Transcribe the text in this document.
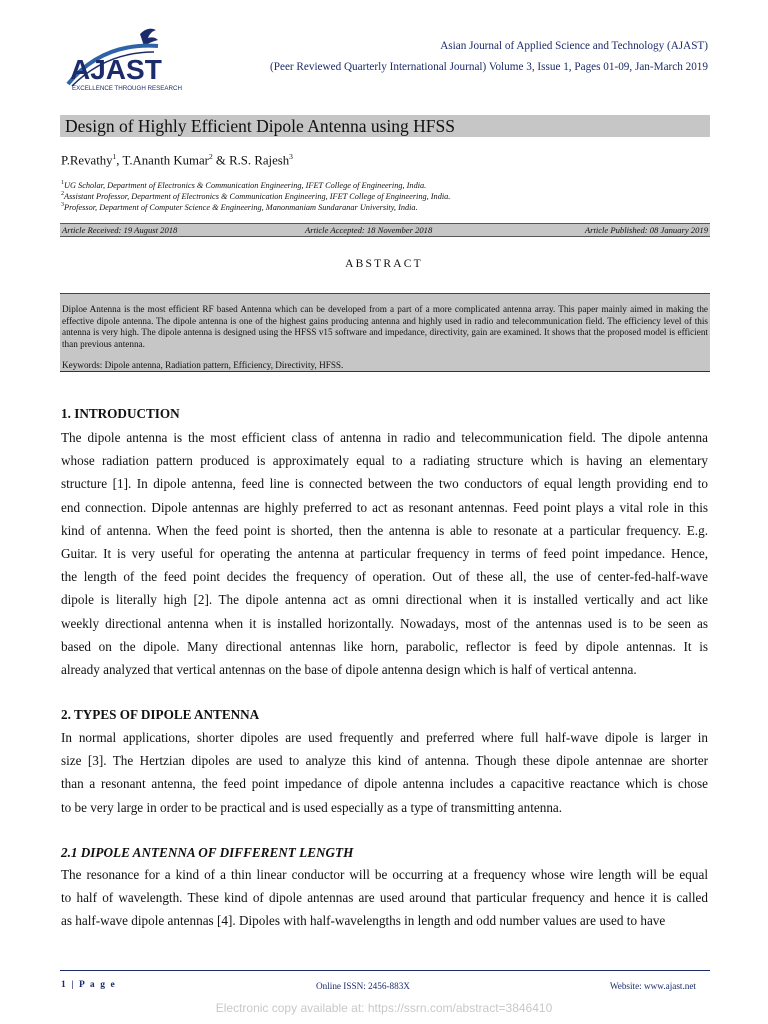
AJAST
EXCELLENCE THROUGH RESEARCH
Asian Journal of Applied Science and Technology (AJAST)
(Peer Reviewed Quarterly International Journal) Volume 3, Issue 1, Pages 01-09, Jan-March 2019
Design of Highly Efficient Dipole Antenna using HFSS
P.Revathy$^1$, T.Ananth Kumar$^2$ & R.S. Rajesh$^3$
$^1$UG Scholar, Department of Electronics & Communication Engineering, IFET College of Engineering, India.
$^2$Assistant Professor, Department of Electronics & Communication Engineering, IFET College of Engineering, India.
$^3$Professor, Department of Computer Science & Engineering, Manonmaniam Sundaranar University, India.
Article Received: 19 August 2018	Article Accepted: 18 November 2018	Article Published: 08 January 2019
ABSTRACT
Diploe Antenna is the most efficient RF based Antenna which can be developed from a part of a more complicated antenna array. This paper mainly aimed in making the effective dipole antenna. The dipole antenna is one of the highest gains producing antenna and highly used in radio and telecommunication field. The efficiency level of this antenna is very high. The dipole antenna is designed using the HFSS v15 software and impedance, directivity, gain are examined. It shows that the proposed model is efficient than previous antenna.
Keywords: Dipole antenna, Radiation pattern, Efficiency, Directivity, HFSS.
1. INTRODUCTION
The dipole antenna is the most efficient class of antenna in radio and telecommunication field. The dipole antenna
whose radiation pattern produced is approximately equal to a radiating structure which is having an elementary
structure [1]. In dipole antenna, feed line is connected between the two conductors of equal length providing end to
end connection. Dipole antennas are highly preferred to act as resonant antennas. Feed point plays a vital role in this
kind of antenna. When the feed point is shorted, then the antenna is able to resonate at a particular frequency. E.g.
Guitar. It is very useful for operating the antenna at particular frequency in terms of feed point impedance. Hence,
the length of the feed point decides the frequency of operation. Out of these all, the use of center-fed-half-wave
dipole is literally high [2]. The dipole antenna act as omni directional when it is installed vertically and act like
weekly directional antenna when it is installed horizontally. Nowadays, most of the antennas used is to be seen as
based on the dipole. Many directional antennas like horn, parabolic, reflector is feed by dipole antennas. It is
already analyzed that vertical antennas on the base of dipole antenna design which is half of vertical antenna.
2. TYPES OF DIPOLE ANTENNA
In normal applications, shorter dipoles are used frequently and preferred where full half-wave dipole is larger in
size [3]. The Hertzian dipoles are used to analyze this kind of antenna. Though these dipole antennae are shorter
than a resonant antenna, the feed point impedance of dipole antenna includes a capacitive reactance which is chose
to be very large in order to be practical and is used especially as a type of transmitting antenna.
2.1 DIPOLE ANTENNA OF DIFFERENT LENGTH
The resonance for a kind of a thin linear conductor will be occurring at a frequency whose wire length will be equal
to half of wavelength. These kind of dipole antennas are used around that particular frequency and hence it is called
as half-wave dipole antennas [4]. Dipoles with half-wavelengths in length and odd number values are used to have
1 | P a g e	Online ISSN: 2456-883X	Website: www.ajast.net
Electronic copy available at: https://ssrn.com/abstract=3846410
